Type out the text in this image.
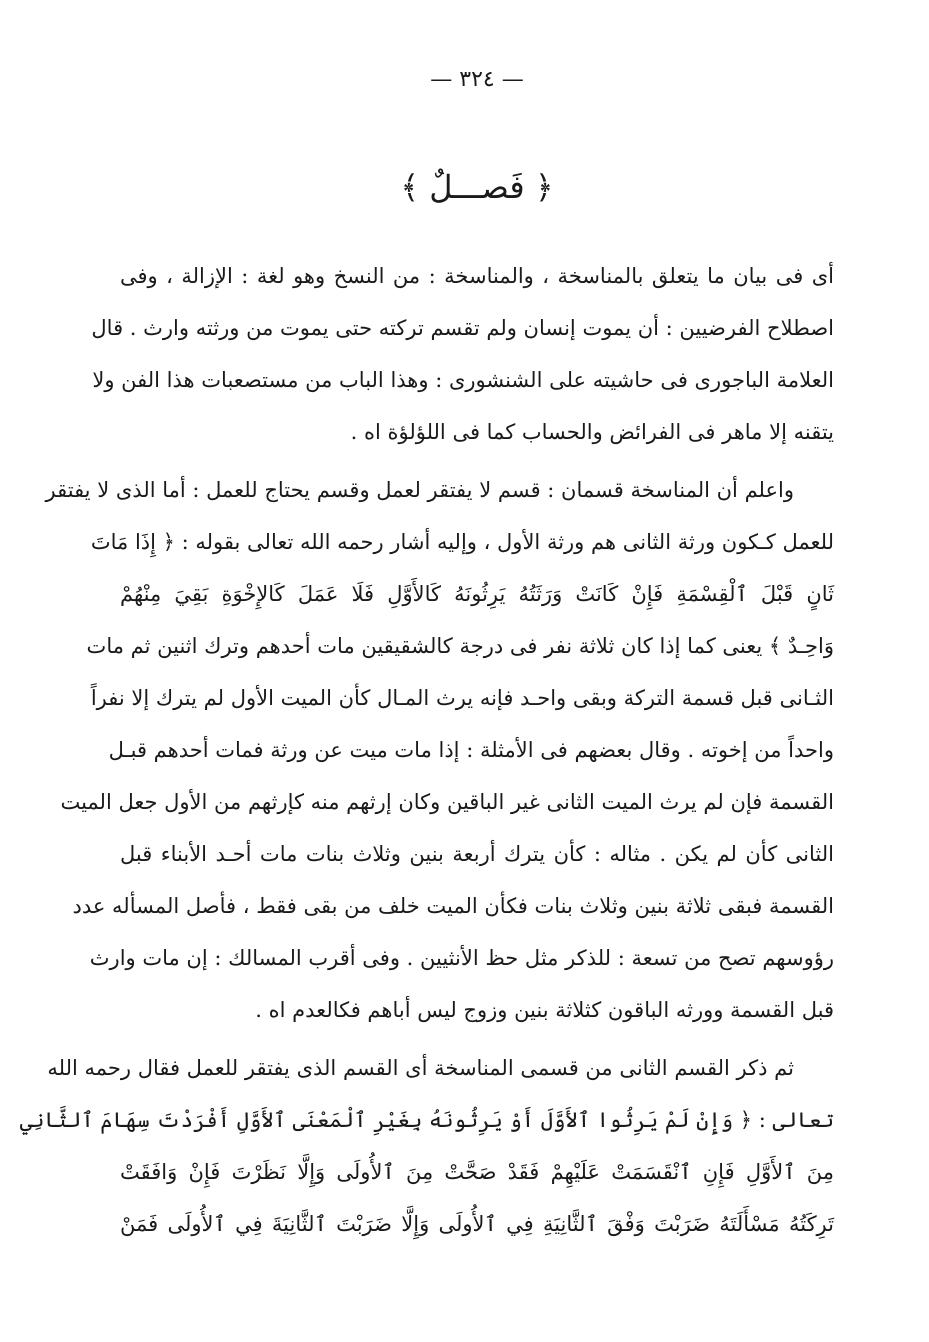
— ٣٢٤ —
﴿ فَصـــلٌ ﴾
أى فى بيان ما يتعلق بالمناسخة ، والمناسخة : من النسخ وهو لغة : الإزالة ، وفى
اصطلاح الفرضيين : أن يموت إنسان ولم تقسم تركته حتى يموت من ورثته وارث . قال
العلامة الباجورى فى حاشيته على الشنشورى : وهذا الباب من مستصعبات هذا الفن ولا
يتقنه إلا ماهر فى الفرائض والحساب كما فى اللؤلؤة اه .
واعلم أن المناسخة قسمان : قسم لا يفتقر لعمل وقسم يحتاج للعمل : أما الذى لا يفتقر
للعمل كـكون ورثة الثانى هم ورثة الأول ، وإليه أشار رحمه الله تعالى بقوله : ﴿ إِذَا مَاتَ
ثَانٍ قَبْلَ ٱلْقِسْمَةِ فَإِنْ كَانَتْ وَرَثَتُهُ يَرِثُونَهُ كَالأَوَّلِ فَلَا عَمَلَ كَالإِخْوَةِ بَقِيَ مِنْهُمْ
وَاحِـدٌ ﴾ يعنى كما إذا كان ثلاثة نفر فى درجة كالشقيقين مات أحدهم وترك اثنين ثم مات
الثـانى قبل قسمة التركة وبقى واحـد فإنه يرث المـال كأن الميت الأول لم يترك إلا نفراً
واحداً من إخوته . وقال بعضهم فى الأمثلة : إذا مات ميت عن ورثة فمات أحدهم قبـل
القسمة فإن لم يرث الميت الثانى غير الباقين وكان إرثهم منه كإرثهم من الأول جعل الميت
الثانى كأن لم يكن . مثاله : كأن يترك أربعة بنين وثلاث بنات مات أحـد الأبناء قبل
القسمة فبقى ثلاثة بنين وثلاث بنات فكأن الميت خلف من بقى فقط ، فأصل المسأله عدد
رؤوسهم تصح من تسعة : للذكر مثل حظ الأنثيين . وفى أقرب المسالك : إن مات وارث
قبل القسمة وورثه الباقون كثلاثة بنين وزوج ليس أباهم فكالعدم اه .
ثم ذكر القسم الثانى من قسمى المناسخة أى القسم الذى يفتقر للعمل فقال رحمه الله
تعالى : ﴿ وَإِنْ لَمْ يَرِثُوا ٱلأَوَّلَ أَوْ يَرِثُونَهُ بِغَيْرِ ٱلْمَعْنَى ٱلأَوَّلِ أَفْرَدْتَ سِهَامَ ٱلثَّانِي
مِنَ ٱلأَوَّلِ فَإِنِ ٱنْقَسَمَتْ عَلَيْهِمْ فَقَدْ صَحَّتْ مِنَ ٱلأُولَى وَإِلَّا نَظَرْتَ فَإِنْ وَافَقَتْ
تَرِكَتُهُ مَسْأَلَتَهُ ضَرَبْتَ وَفْقَ ٱلثَّانِيَةِ فِي ٱلأُولَى وَإِلَّا ضَرَبْتَ ٱلثَّانِيَةَ فِي ٱلأُولَى فَمَنْ
